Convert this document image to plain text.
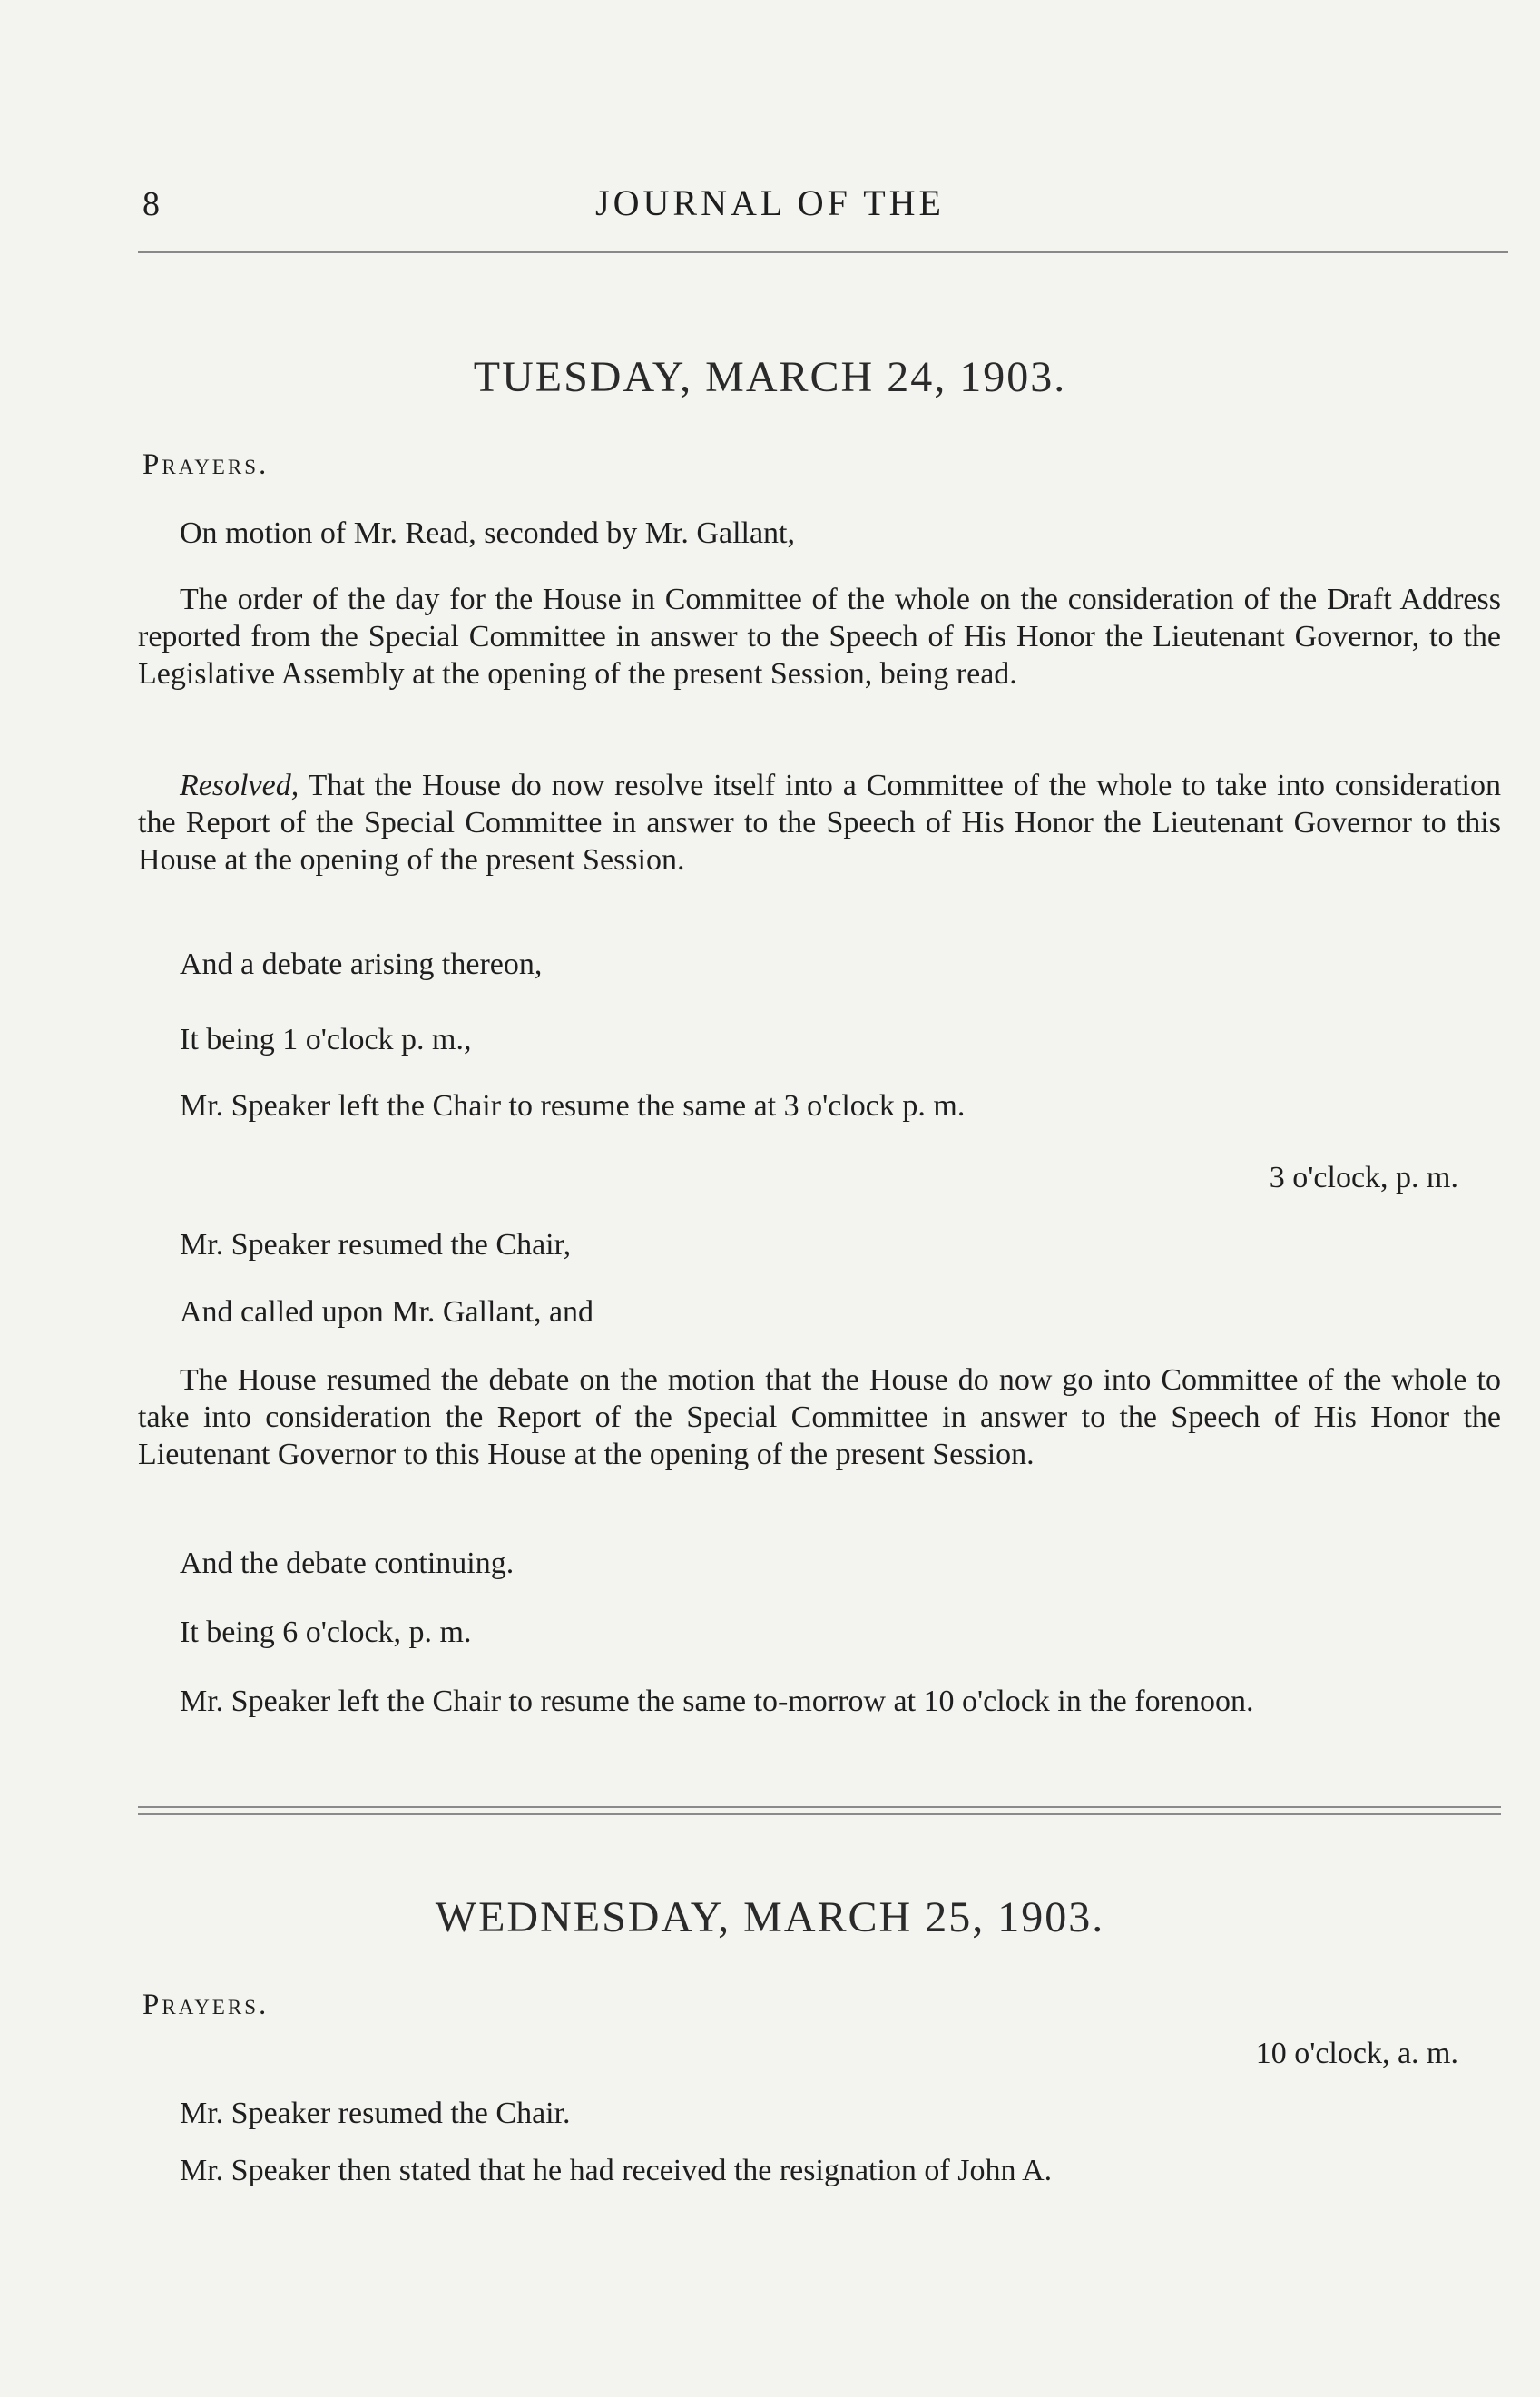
8	JOURNAL OF THE
TUESDAY, MARCH 24, 1903.
Prayers.
On motion of Mr. Read, seconded by Mr. Gallant,
The order of the day for the House in Committee of the whole on the consideration of the Draft Address reported from the Special Committee in answer to the Speech of His Honor the Lieutenant Governor, to the Legislative Assembly at the opening of the present Session, being read.
Resolved, That the House do now resolve itself into a Committee of the whole to take into consideration the Report of the Special Committee in answer to the Speech of His Honor the Lieutenant Governor to this House at the opening of the present Session.
And a debate arising thereon,
It being 1 o'clock p. m.,
Mr. Speaker left the Chair to resume the same at 3 o'clock p. m.
3 o'clock, p. m.
Mr. Speaker resumed the Chair,
And called upon Mr. Gallant, and
The House resumed the debate on the motion that the House do now go into Committee of the whole to take into consideration the Report of the Special Committee in answer to the Speech of His Honor the Lieutenant Governor to this House at the opening of the present Session.
And the debate continuing.
It being 6 o'clock, p. m.
Mr. Speaker left the Chair to resume the same to-morrow at 10 o'clock in the forenoon.
WEDNESDAY, MARCH 25, 1903.
Prayers.
10 o'clock, a. m.
Mr. Speaker resumed the Chair.
Mr. Speaker then stated that he had received the resignation of John A.
